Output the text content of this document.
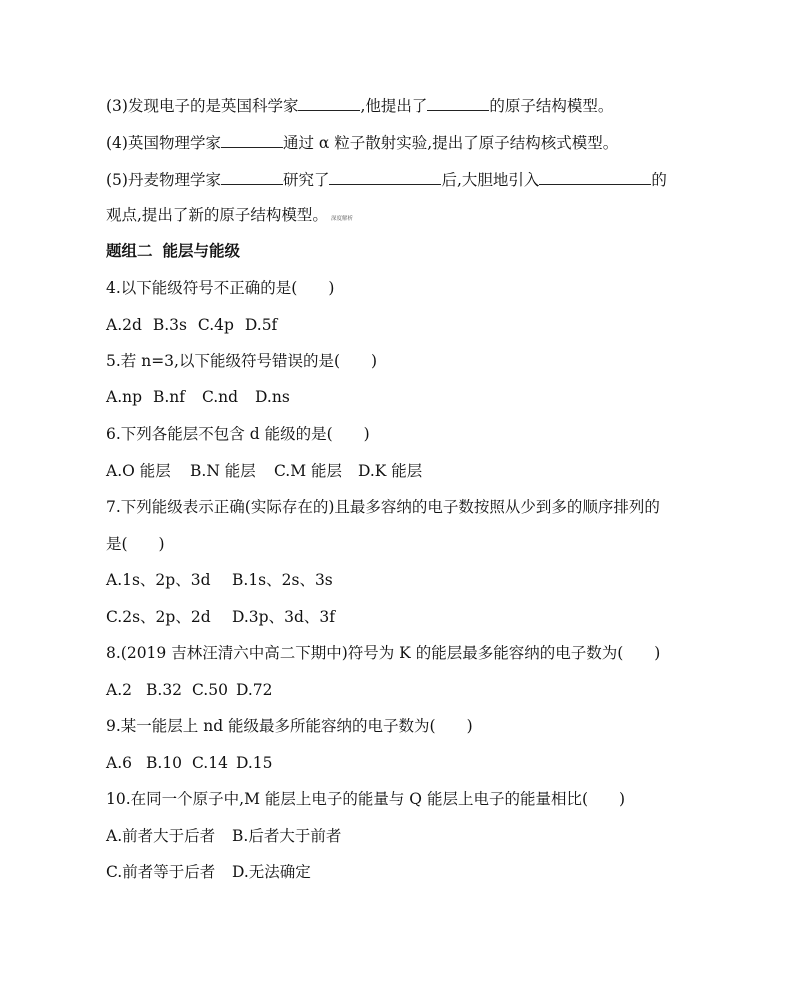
(3)发现电子的是英国科学家	,他提出了	的原子结构模型。
(4)英国物理学家	通过 α 粒子散射实验,提出了原子结构核式模型。
(5)丹麦物理学家	研究了	后,大胆地引入	的
观点,提出了新的原子结构模型。 深度解析
题组二 能层与能级
4.以下能级符号不正确的是(　　)
A.2d B.3s C.4p D.5f
5.若 n=3,以下能级符号错误的是(　　)
A.np B.nf C.nd D.ns
6.下列各能层不包含 d 能级的是(　　)
A.O 能层 B.N 能层 C.M 能层 D.K 能层
7.下列能级表示正确(实际存在的)且最多容纳的电子数按照从少到多的顺序排列的
是(　　)
A.1s、2p、3d B.1s、2s、3s
C.2s、2p、2d D.3p、3d、3f
8.(2019 吉林汪清六中高二下期中)符号为 K 的能层最多能容纳的电子数为(　　)
A.2 B.32 C.50 D.72
9.某一能层上 nd 能级最多所能容纳的电子数为(　　)
A.6 B.10 C.14 D.15
10.在同一个原子中,M 能层上电子的能量与 Q 能层上电子的能量相比(　　)
A.前者大于后者 B.后者大于前者
C.前者等于后者 D.无法确定
